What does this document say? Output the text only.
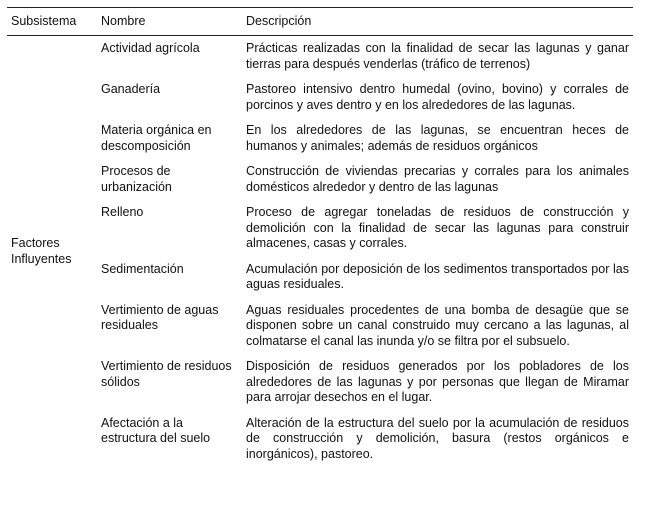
Subsistema	Nombre	Descripción
Factores Influyentes	Actividad agrícola	Prácticas realizadas con la finalidad de secar las lagunas y ganar tierras para después venderlas (tráfico de terrenos)
	Ganadería	Pastoreo intensivo dentro humedal (ovino, bovino) y corrales de porcinos y aves dentro y en los alrededores de las lagunas.
	Materia orgánica en descomposición	En los alrededores de las lagunas, se encuentran heces de humanos y animales; además de residuos orgánicos
	Procesos de urbanización	Construcción de viviendas precarias y corrales para los animales domésticos alrededor y dentro de las lagunas
	Relleno	Proceso de agregar toneladas de residuos de construcción y demolición con la finalidad de secar las lagunas para construir almacenes, casas y corrales.
	Sedimentación	Acumulación por deposición de los sedimentos transportados por las aguas residuales.
	Vertimiento de aguas residuales	Aguas residuales procedentes de una bomba de desagüe que se disponen sobre un canal construido muy cercano a las lagunas, al colmatarse el canal las inunda y/o se filtra por el subsuelo.
	Vertimiento de residuos sólidos	Disposición de residuos generados por los pobladores de los alrededores de las lagunas y por personas que llegan de Miramar para arrojar desechos en el lugar.
	Afectación a la estructura del suelo	Alteración de la estructura del suelo por la acumulación de residuos de construcción y demolición, basura (restos orgánicos e inorgánicos), pastoreo.
